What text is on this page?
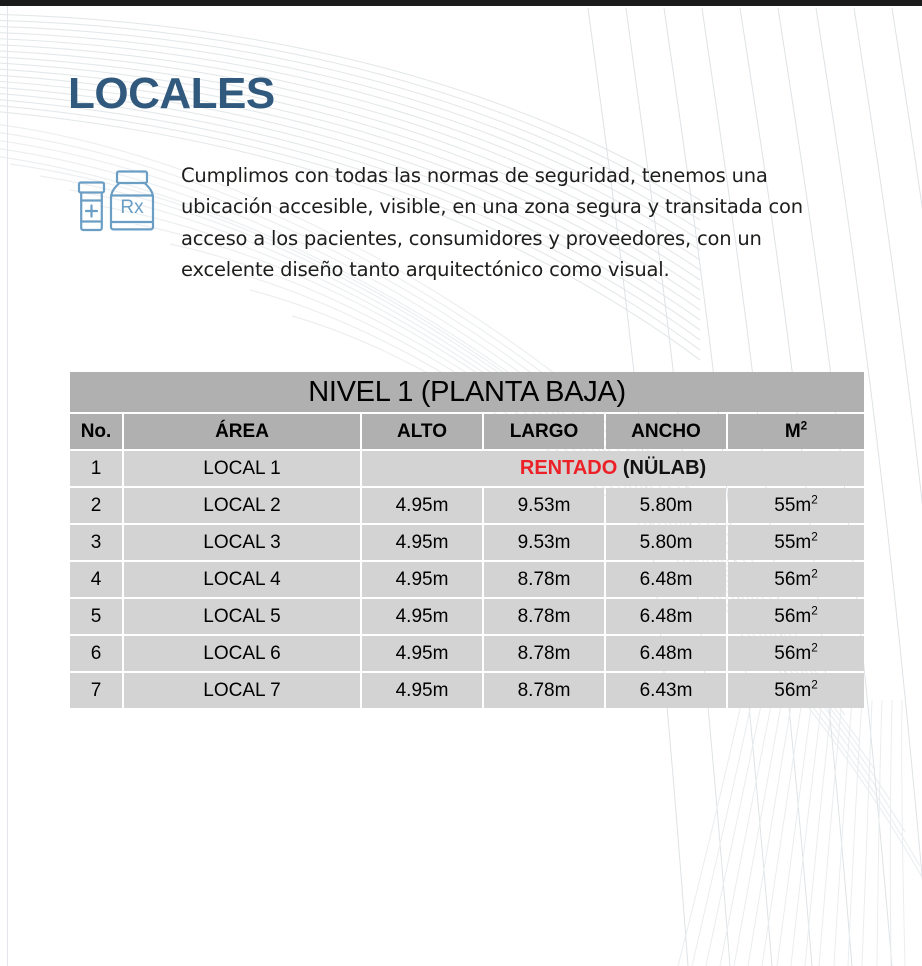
LOCALES
Rx

Cumplimos con todas las normas de seguridad, tenemos una ubicación accesible, visible, en una zona segura y transitada con acceso a los pacientes, consumidores y proveedores, con un excelente diseño tanto arquitectónico como visual.

NIVEL 1 (PLANTA BAJA)					
No.	ÁREA	ALTO	LARGO	ANCHO	$M^2$
1	LOCAL 1	RENTADO (NÜLAB)			
2	LOCAL 2	4.95m	9.53m	5.80m	$55m^2$
3	LOCAL 3	4.95m	9.53m	5.80m	$55m^2$
4	LOCAL 4	4.95m	8.78m	6.48m	$56m^2$
5	LOCAL 5	4.95m	8.78m	6.48m	$56m^2$
6	LOCAL 6	4.95m	8.78m	6.48m	$56m^2$
7	LOCAL 7	4.95m	8.78m	6.43m	$56m^2$
